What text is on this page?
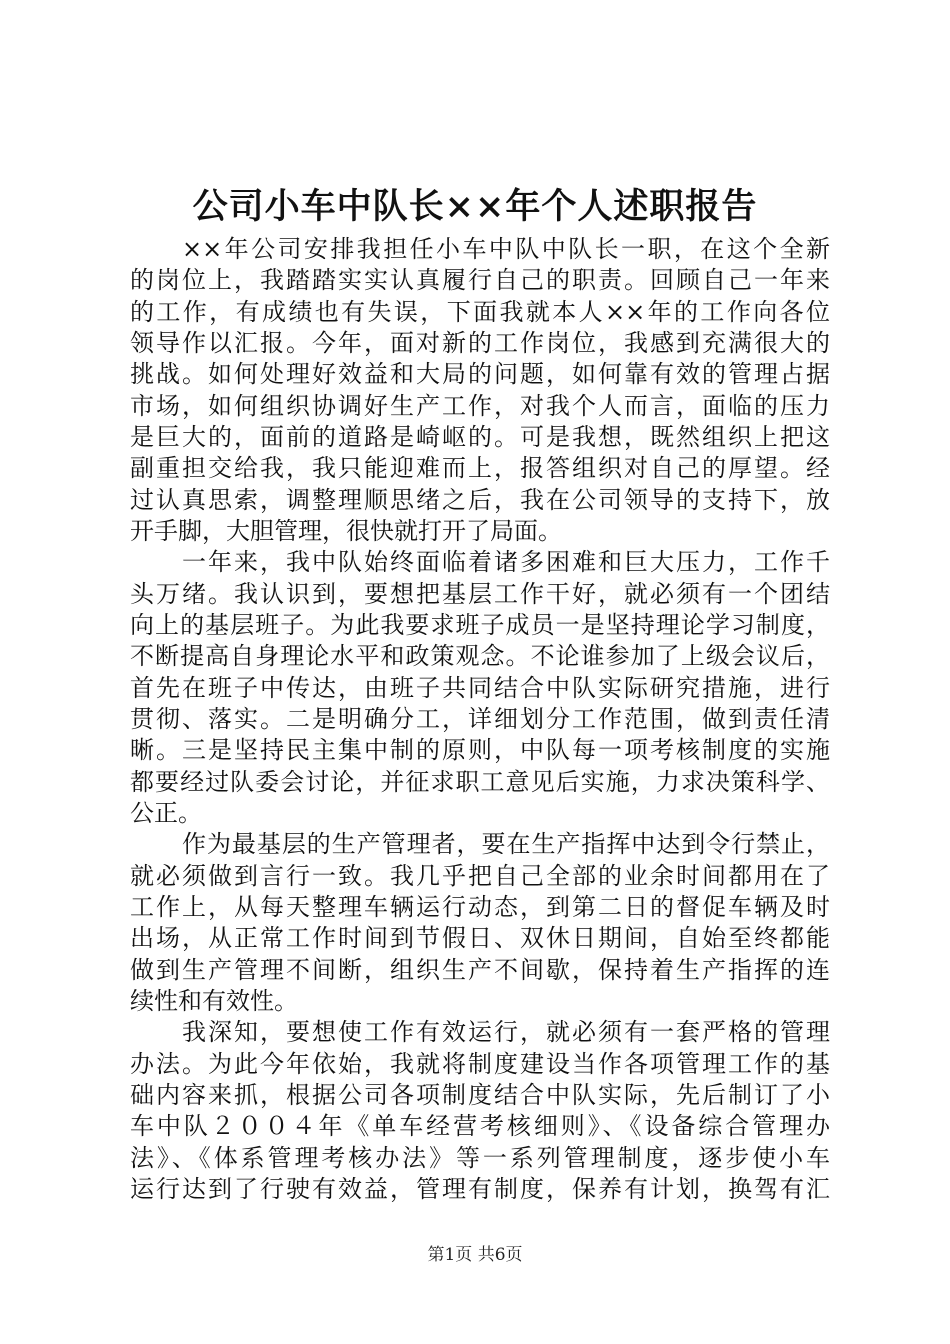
公司小车中队长××年个人述职报告
××年公司安排我担任小车中队中队长一职，在这个全新
的岗位上，我踏踏实实认真履行自己的职责。回顾自己一年来
的工作，有成绩也有失误，下面我就本人××年的工作向各位
领导作以汇报。今年，面对新的工作岗位，我感到充满很大的
挑战。如何处理好效益和大局的问题，如何靠有效的管理占据
市场，如何组织协调好生产工作，对我个人而言，面临的压力
是巨大的，面前的道路是崎岖的。可是我想，既然组织上把这
副重担交给我，我只能迎难而上，报答组织对自己的厚望。经
过认真思索，调整理顺思绪之后，我在公司领导的支持下，放
开手脚，大胆管理，很快就打开了局面。
一年来，我中队始终面临着诸多困难和巨大压力，工作千
头万绪。我认识到，要想把基层工作干好，就必须有一个团结
向上的基层班子。为此我要求班子成员一是坚持理论学习制度，
不断提高自身理论水平和政策观念。不论谁参加了上级会议后，
首先在班子中传达，由班子共同结合中队实际研究措施，进行
贯彻、落实。二是明确分工，详细划分工作范围，做到责任清
晰。三是坚持民主集中制的原则，中队每一项考核制度的实施
都要经过队委会讨论，并征求职工意见后实施，力求决策科学、
公正。
作为最基层的生产管理者，要在生产指挥中达到令行禁止，
就必须做到言行一致。我几乎把自己全部的业余时间都用在了
工作上，从每天整理车辆运行动态，到第二日的督促车辆及时
出场，从正常工作时间到节假日、双休日期间，自始至终都能
做到生产管理不间断，组织生产不间歇，保持着生产指挥的连
续性和有效性。
我深知，要想使工作有效运行，就必须有一套严格的管理
办法。为此今年依始，我就将制度建设当作各项管理工作的基
础内容来抓，根据公司各项制度结合中队实际，先后制订了小
车中队２００４年《单车经营考核细则》、《设备综合管理办
法》、《体系管理考核办法》等一系列管理制度，逐步使小车
运行达到了行驶有效益，管理有制度，保养有计划，换驾有汇
第1页 共6页
